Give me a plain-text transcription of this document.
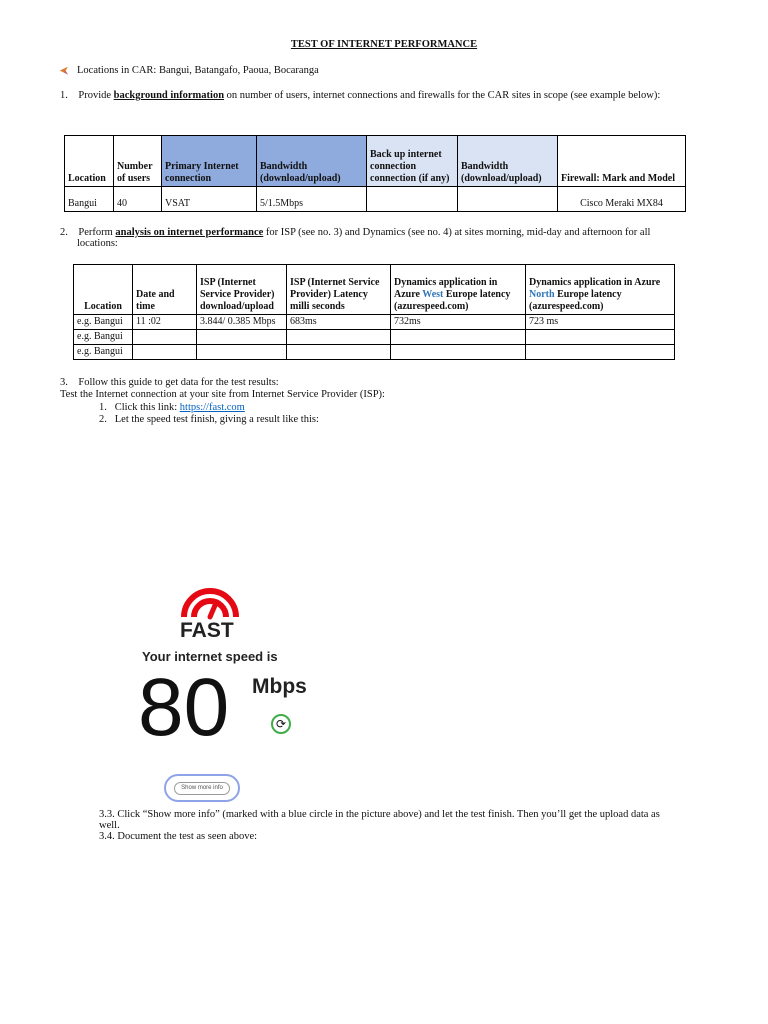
TEST OF INTERNET PERFORMANCE
Locations in CAR: Bangui, Batangafo, Paoua, Bocaranga
1. Provide background information on number of users, internet connections and firewalls for the CAR sites in scope (see example below):
Location	Number of users	Primary Internet connection	Bandwidth (download/upload)	Back up internet connection connection (if any)	Bandwidth (download/upload)	Firewall: Mark and Model
Bangui	40	VSAT	5/1.5Mbps			Cisco Meraki MX84
2. Perform analysis on internet performance for ISP (see no. 3) and Dynamics (see no. 4) at sites morning, mid-day and afternoon for all
locations:
Location	Date and time	ISP (Internet Service Provider) download/upload	ISP (Internet Service Provider) Latency milli seconds	Dynamics application in Azure West Europe latency (azurespeed.com)	Dynamics application in Azure North Europe latency (azurespeed.com)
e.g. Bangui	11 :02	3.844/ 0.385 Mbps	683ms	732ms	723 ms
e.g. Bangui					
e.g. Bangui					
3. Follow this guide to get data for the test results:
Test the Internet connection at your site from Internet Service Provider (ISP):
1. Click this link: https://fast.com
2. Let the speed test finish, giving a result like this:
FAST
Your internet speed is
80 Mbps
⟳
Show more info
3.3. Click “Show more info” (marked with a blue circle in the picture above) and let the test finish. Then you’ll get the upload data as
well.
3.4. Document the test as seen above:
